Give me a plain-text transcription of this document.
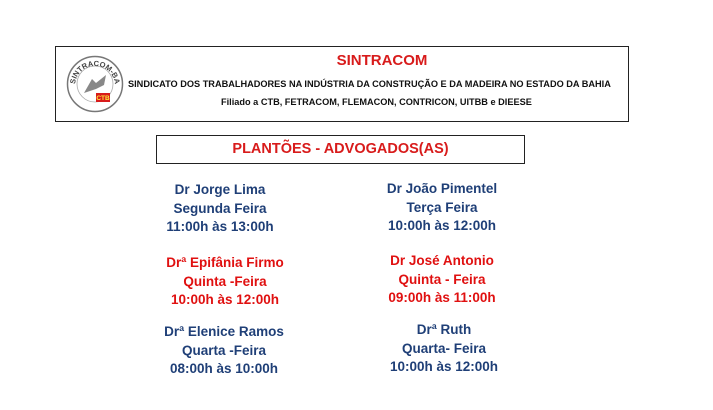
SINTRACOM-BA
CTB
SINTRACOM
SINDICATO DOS TRABALHADORES NA INDÚSTRIA DA CONSTRUÇÃO E DA MADEIRA NO ESTADO DA BAHIA
Filiado a CTB, FETRACOM, FLEMACON, CONTRICON, UITBB e DIEESE
PLANTÕES - ADVOGADOS(AS)
Dr Jorge Lima
Segunda Feira
11:00h às 13:00h
Dr João Pimentel
Terça Feira
10:00h às 12:00h
Drª Epifânia Firmo
Quinta -Feira
10:00h às 12:00h
Dr José Antonio
Quinta - Feira
09:00h às 11:00h
Drª Elenice Ramos
Quarta -Feira
08:00h às 10:00h
Drª Ruth
Quarta- Feira
10:00h às 12:00h
